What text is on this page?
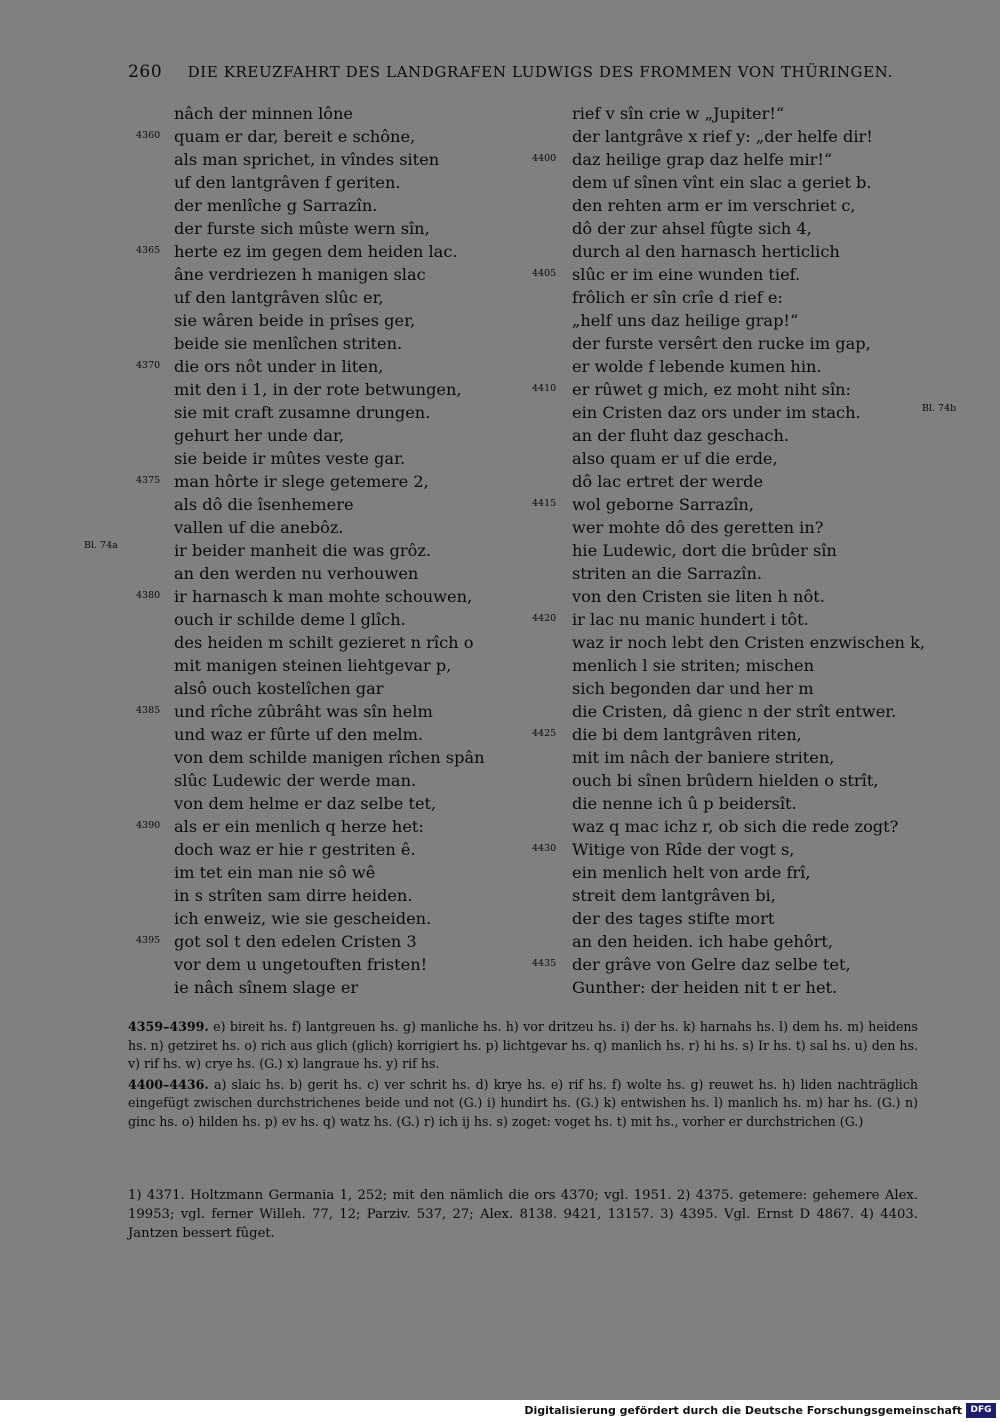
260 DIE KREUZFAHRT DES LANDGRAFEN LUDWIGS DES FROMMEN VON THÜRINGEN.
nâch der minnen lône
4360 quam er dar, bereit e schône,
als man sprichet, in vîndes siten
uf den lantgrâven f geriten.
der menlîche g Sarrazîn.
der furste sich mûste wern sîn,
4365 herte ez im gegen dem heiden lac.
âne verdriezen h manigen slac
uf den lantgrâven slûc er,
sie wâren beide in prîses ger,
beide sie menlîchen striten.
4370 die ors nôt under in liten,
mit den i 1, in der rote betwungen,
sie mit craft zusamne drungen.
gehurt her unde dar,
sie beide ir mûtes veste gar.
4375 man hôrte ir slege getemere 2,
als dô die îsenhemere
vallen uf die anebôz.
ir beider manheit die was grôz.
an den werden nu verhouwen
4380 ir harnasch k man mohte schouwen,
ouch ir schilde deme l glîch.
des heiden m schilt gezieret n rîch o
mit manigen steinen liehtgevar p,
alsô ouch kostelîchen gar
4385 und rîche zûbrâht was sîn helm
und waz er fûrte uf den melm.
von dem schilde manigen rîchen spân
slûc Ludewic der werde man.
von dem helme er daz selbe tet,
4390 als er ein menlich q herze het:
doch waz er hie r gestriten ê.
im tet ein man nie sô wê
in s strîten sam dirre heiden.
ich enweiz, wie sie gescheiden.
4395 got sol t den edelen Cristen 3
vor dem u ungetouften fristen!
ie nâch sînem slage er
rief v sîn crie w „Jupiter!“
der lantgrâve x rief y: „der helfe dir!
4400 daz heilige grap daz helfe mir!“
dem uf sînen vînt ein slac a geriet b.
den rehten arm er im verschriet c,
dô der zur ahsel fûgte sich 4,
durch al den harnasch herticlich
4405 slûc er im eine wunden tief.
frôlich er sîn crîe d rief e:
„helf uns daz heilige grap!“
der furste versêrt den rucke im gap,
er wolde f lebende kumen hin.
4410 er rûwet g mich, ez moht niht sîn:
ein Cristen daz ors under im stach.
an der fluht daz geschach.
also quam er uf die erde,
dô lac ertret der werde
4415 wol geborne Sarrazîn,
wer mohte dô des geretten in?
hie Ludewic, dort die brûder sîn
striten an die Sarrazîn.
von den Cristen sie liten h nôt.
4420 ir lac nu manic hundert i tôt.
waz ir noch lebt den Cristen enzwischen k,
menlich l sie striten; mischen
sich begonden dar und her m
die Cristen, dâ gienc n der strît entwer.
4425 die bi dem lantgrâven riten,
mit im nâch der baniere striten,
ouch bi sînen brûdern hielden o strît,
die nenne ich û p beidersît.
waz q mac ichz r, ob sich die rede zogt?
4430 Witige von Rîde der vogt s,
ein menlich helt von arde frî,
streit dem lantgrâven bi,
der des tages stifte mort
an den heiden. ich habe gehôrt,
4435 der grâve von Gelre daz selbe tet,
Gunther: der heiden nit t er het.
Bl. 74a
Bl. 74b

4359–4399. e) bireit hs. f) lantgreuen hs. g) manliche hs. h) vor dritzeu hs. i) der hs. k) harnahs hs. l) dem hs. m) heidens hs. n) getziret hs. o) rich aus glich (glich) korrigiert hs. p) lichtgevar hs. q) manlich hs. r) hi hs. s) Ir hs. t) sal hs. u) den hs. v) rif hs. w) crye hs. (G.) x) langraue hs. y) rif hs.

4400–4436. a) slaic hs. b) gerit hs. c) ver schrit hs. d) krye hs. e) rif hs. f) wolte hs. g) reuwet hs. h) liden nachträglich eingefügt zwischen durchstrichenes beide und not (G.) i) hundirt hs. (G.) k) entwishen hs. l) manlich hs. m) har hs. (G.) n) ginc hs. o) hilden hs. p) ev hs. q) watz hs. (G.) r) ich ij hs. s) zoget: voget hs. t) mit hs., vorher er durchstrichen (G.)

1) 4371. Holtzmann Germania 1, 252; mit den nämlich die ors 4370; vgl. 1951. 2) 4375. getemere: gehemere Alex. 19953; vgl. ferner Willeh. 77, 12; Parziv. 537, 27; Alex. 8138. 9421, 13157. 3) 4395. Vgl. Ernst D 4867. 4) 4403. Jantzen bessert fûget.

Digitalisierung gefördert durch die Deutsche Forschungsgemeinschaft DFG
